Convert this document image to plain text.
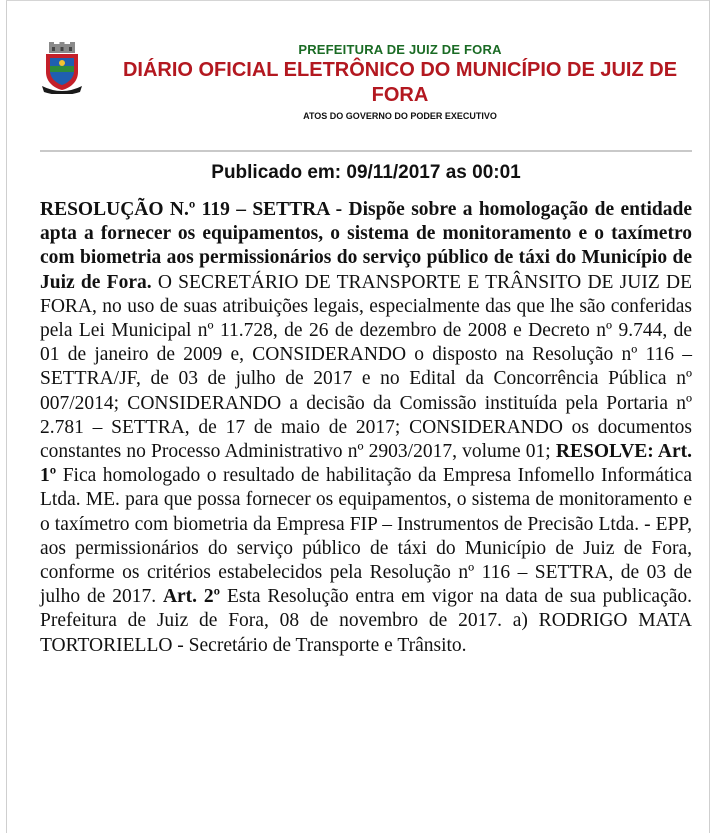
PREFEITURA DE JUIZ DE FORA
DIÁRIO OFICIAL ELETRÔNICO DO MUNICÍPIO DE JUIZ DE FORA
ATOS DO GOVERNO DO PODER EXECUTIVO
Publicado em: 09/11/2017 as 00:01
RESOLUÇÃO N.º 119 – SETTRA - Dispõe sobre a homologação de entidade apta a fornecer os equipamentos, o sistema de monitoramento e o taxímetro com biometria aos permissionários do serviço público de táxi do Município de Juiz de Fora. O SECRETÁRIO DE TRANSPORTE E TRÂNSITO DE JUIZ DE FORA, no uso de suas atribuições legais, especialmente das que lhe são conferidas pela Lei Municipal nº 11.728, de 26 de dezembro de 2008 e Decreto nº 9.744, de 01 de janeiro de 2009 e, CONSIDERANDO o disposto na Resolução nº 116 – SETTRA/JF, de 03 de julho de 2017 e no Edital da Concorrência Pública nº 007/2014; CONSIDERANDO a decisão da Comissão instituída pela Portaria nº 2.781 – SETTRA, de 17 de maio de 2017; CONSIDERANDO os documentos constantes no Processo Administrativo nº 2903/2017, volume 01; RESOLVE: Art. 1º Fica homologado o resultado de habilitação da Empresa Infomello Informática Ltda. ME. para que possa fornecer os equipamentos, o sistema de monitoramento e o taxímetro com biometria da Empresa FIP – Instrumentos de Precisão Ltda. - EPP, aos permissionários do serviço público de táxi do Município de Juiz de Fora, conforme os critérios estabelecidos pela Resolução nº 116 – SETTRA, de 03 de julho de 2017. Art. 2º Esta Resolução entra em vigor na data de sua publicação. Prefeitura de Juiz de Fora, 08 de novembro de 2017. a) RODRIGO MATA TORTORIELLO - Secretário de Transporte e Trânsito.
